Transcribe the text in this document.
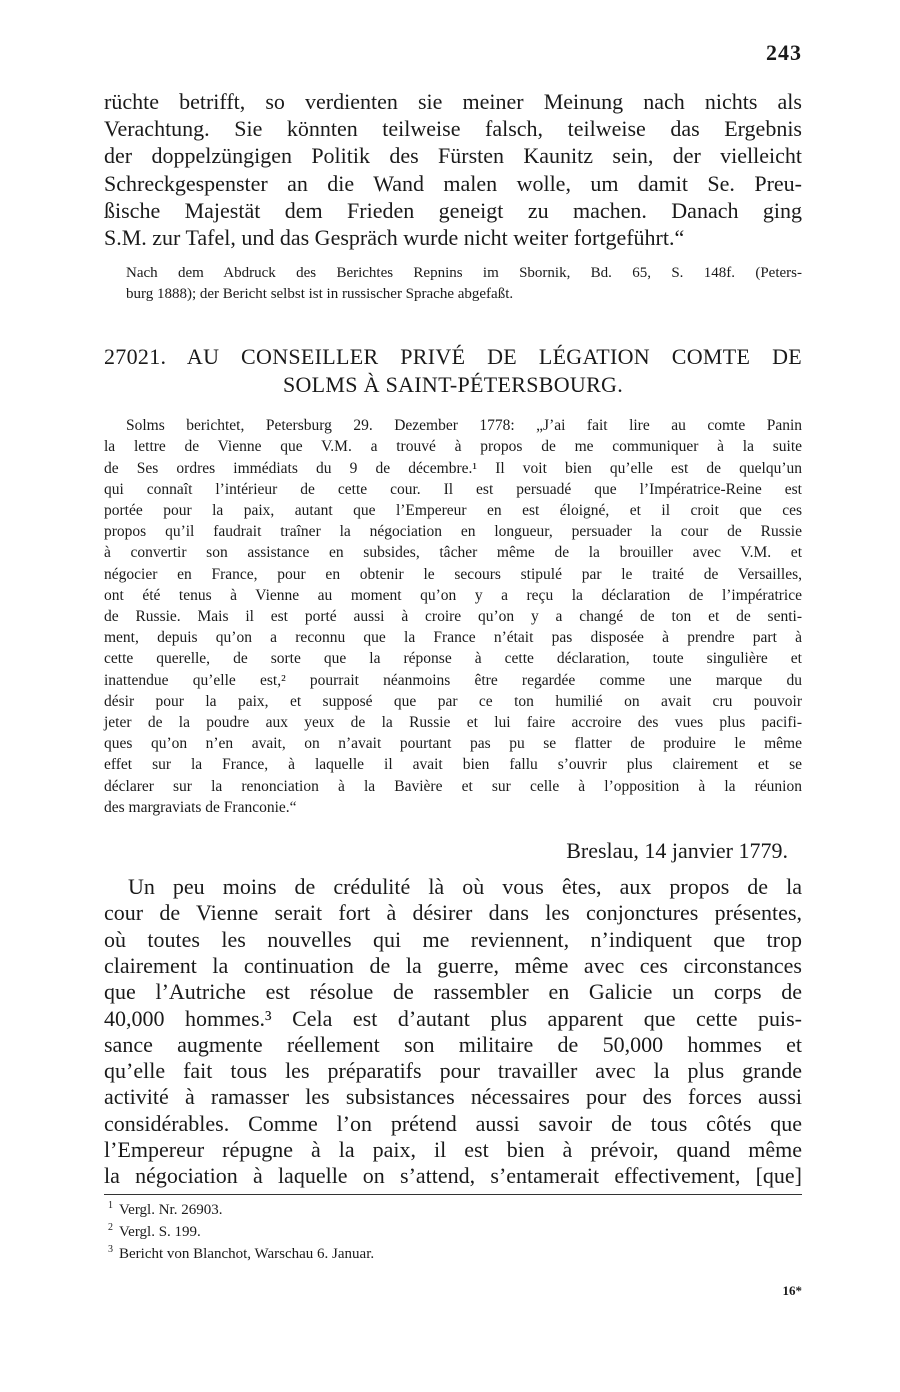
243
rüchte betrifft, so verdienten sie meiner Meinung nach nichts als
Verachtung. Sie könnten teilweise falsch, teilweise das Ergebnis
der doppelzüngigen Politik des Fürsten Kaunitz sein, der vielleicht
Schreckgespenster an die Wand malen wolle, um damit Se. Preu-
ßische Majestät dem Frieden geneigt zu machen. Danach ging
S.M. zur Tafel, und das Gespräch wurde nicht weiter fortgeführt.“
Nach dem Abdruck des Berichtes Repnins im Sbornik, Bd. 65, S. 148f. (Peters-
burg 1888); der Bericht selbst ist in russischer Sprache abgefaßt.
27021. AU CONSEILLER PRIVÉ DE LÉGATION COMTE DE
SOLMS À SAINT-PÉTERSBOURG.
Solms berichtet, Petersburg 29. Dezember 1778: „J’ai fait lire au comte Panin
la lettre de Vienne que V.M. a trouvé à propos de me communiquer à la suite
de Ses ordres immédiats du 9 de décembre.¹ Il voit bien qu’elle est de quelqu’un
qui connaît l’intérieur de cette cour. Il est persuadé que l’Impératrice-Reine est
portée pour la paix, autant que l’Empereur en est éloigné, et il croit que ces
propos qu’il faudrait traîner la négociation en longueur, persuader la cour de Russie
à convertir son assistance en subsides, tâcher même de la brouiller avec V.M. et
négocier en France, pour en obtenir le secours stipulé par le traité de Versailles,
ont été tenus à Vienne au moment qu’on y a reçu la déclaration de l’impératrice
de Russie. Mais il est porté aussi à croire qu’on y a changé de ton et de senti-
ment, depuis qu’on a reconnu que la France n’était pas disposée à prendre part à
cette querelle, de sorte que la réponse à cette déclaration, toute singulière et
inattendue qu’elle est,² pourrait néanmoins être regardée comme une marque du
désir pour la paix, et supposé que par ce ton humilié on avait cru pouvoir
jeter de la poudre aux yeux de la Russie et lui faire accroire des vues plus pacifi-
ques qu’on n’en avait, on n’avait pourtant pas pu se flatter de produire le même
effet sur la France, à laquelle il avait bien fallu s’ouvrir plus clairement et se
déclarer sur la renonciation à la Bavière et sur celle à l’opposition à la réunion
des margraviats de Franconie.“
Breslau, 14 janvier 1779.
Un peu moins de crédulité là où vous êtes, aux propos de la
cour de Vienne serait fort à désirer dans les conjonctures présentes,
où toutes les nouvelles qui me reviennent, n’indiquent que trop
clairement la continuation de la guerre, même avec ces circonstances
que l’Autriche est résolue de rassembler en Galicie un corps de
40,000 hommes.³ Cela est d’autant plus apparent que cette puis-
sance augmente réellement son militaire de 50,000 hommes et
qu’elle fait tous les préparatifs pour travailler avec la plus grande
activité à ramasser les subsistances nécessaires pour des forces aussi
considérables. Comme l’on prétend aussi savoir de tous côtés que
l’Empereur répugne à la paix, il est bien à prévoir, quand même
la négociation à laquelle on s’attend, s’entamerait effectivement, [que]
$^1$ Vergl. Nr. 26903.
$^2$ Vergl. S. 199.
$^3$ Bericht von Blanchot, Warschau 6. Januar.
16*
